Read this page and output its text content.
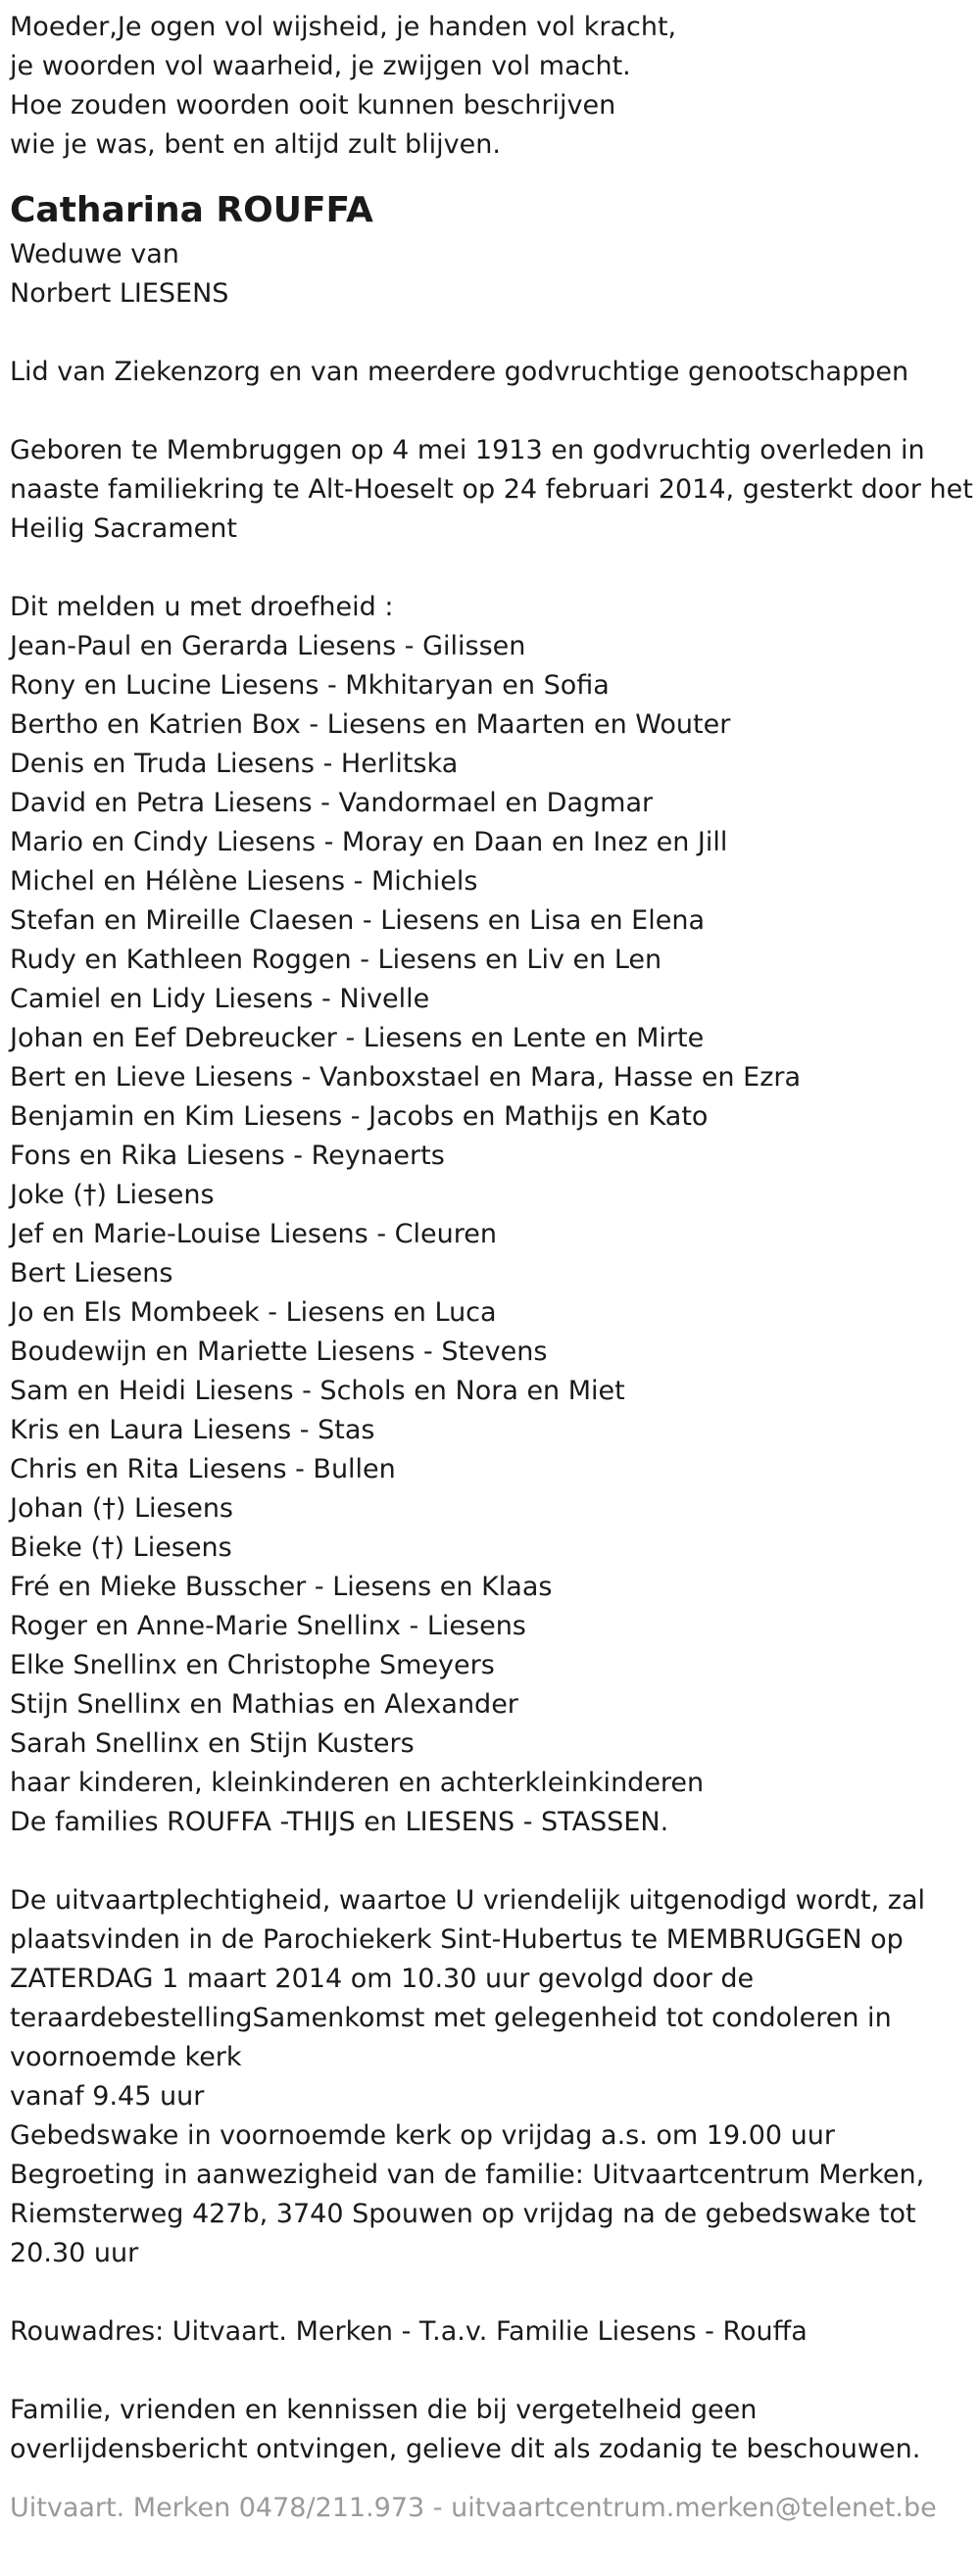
Moeder,Je ogen vol wijsheid, je handen vol kracht,
je woorden vol waarheid, je zwijgen vol macht.
Hoe zouden woorden ooit kunnen beschrijven
wie je was, bent en altijd zult blijven.
Catharina ROUFFA
Weduwe van
Norbert LIESENS
Lid van Ziekenzorg en van meerdere godvruchtige genootschappen
Geboren te Membruggen op 4 mei 1913 en godvruchtig overleden in
naaste familiekring te Alt-Hoeselt op 24 februari 2014, gesterkt door het
Heilig Sacrament
Dit melden u met droefheid :
Jean-Paul en Gerarda Liesens - Gilissen
Rony en Lucine Liesens - Mkhitaryan en Sofia
Bertho en Katrien Box - Liesens en Maarten en Wouter
Denis en Truda Liesens - Herlitska
David en Petra Liesens - Vandormael en Dagmar
Mario en Cindy Liesens - Moray en Daan en Inez en Jill
Michel en Hélène Liesens - Michiels
Stefan en Mireille Claesen - Liesens en Lisa en Elena
Rudy en Kathleen Roggen - Liesens en Liv en Len
Camiel en Lidy Liesens - Nivelle
Johan en Eef Debreucker - Liesens en Lente en Mirte
Bert en Lieve Liesens - Vanboxstael en Mara, Hasse en Ezra
Benjamin en Kim Liesens - Jacobs en Mathijs en Kato
Fons en Rika Liesens - Reynaerts
Joke (†) Liesens
Jef en Marie-Louise Liesens - Cleuren
Bert Liesens
Jo en Els Mombeek - Liesens en Luca
Boudewijn en Mariette Liesens - Stevens
Sam en Heidi Liesens - Schols en Nora en Miet
Kris en Laura Liesens - Stas
Chris en Rita Liesens - Bullen
Johan (†) Liesens
Bieke (†) Liesens
Fré en Mieke Busscher - Liesens en Klaas
Roger en Anne-Marie Snellinx - Liesens
Elke Snellinx en Christophe Smeyers
Stijn Snellinx en Mathias en Alexander
Sarah Snellinx en Stijn Kusters
haar kinderen, kleinkinderen en achterkleinkinderen
De families ROUFFA -THIJS en LIESENS - STASSEN.
De uitvaartplechtigheid, waartoe U vriendelijk uitgenodigd wordt, zal
plaatsvinden in de Parochiekerk Sint-Hubertus te MEMBRUGGEN op
ZATERDAG 1 maart 2014 om 10.30 uur gevolgd door de
teraardebestellingSamenkomst met gelegenheid tot condoleren in
voornoemde kerk
vanaf 9.45 uur
Gebedswake in voornoemde kerk op vrijdag a.s. om 19.00 uur
Begroeting in aanwezigheid van de familie: Uitvaartcentrum Merken,
Riemsterweg 427b, 3740 Spouwen op vrijdag na de gebedswake tot
20.30 uur
Rouwadres: Uitvaart. Merken - T.a.v. Familie Liesens - Rouffa
Familie, vrienden en kennissen die bij vergetelheid geen
overlijdensbericht ontvingen, gelieve dit als zodanig te beschouwen.
Uitvaart. Merken 0478/211.973 - uitvaartcentrum.merken@telenet.be
